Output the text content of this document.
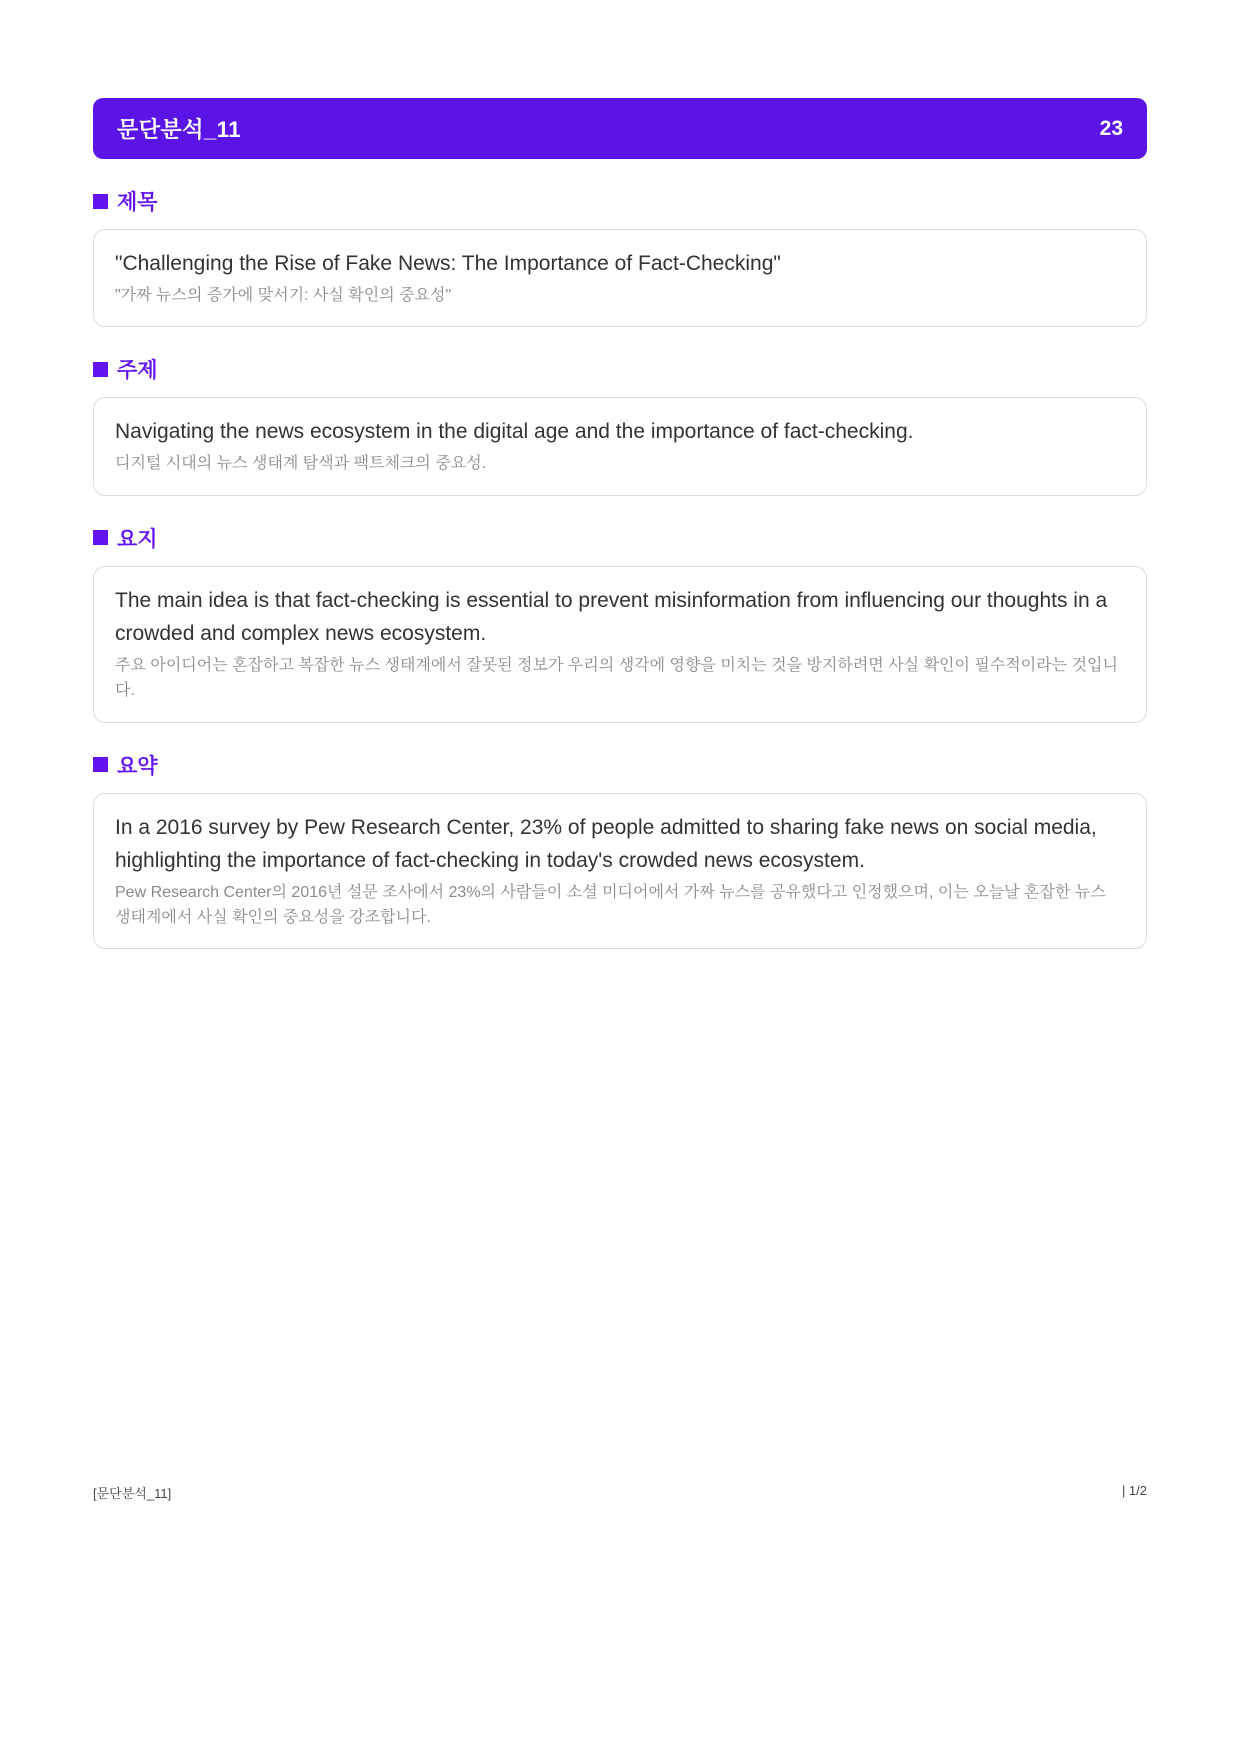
문단분석_11	23
제목
"Challenging the Rise of Fake News: The Importance of Fact-Checking"
"가짜 뉴스의 증가에 맞서기: 사실 확인의 중요성"
주제
Navigating the news ecosystem in the digital age and the importance of fact-checking.
디지털 시대의 뉴스 생태계 탐색과 팩트체크의 중요성.
요지
The main idea is that fact-checking is essential to prevent misinformation from influencing our thoughts in a crowded and complex news ecosystem.
주요 아이디어는 혼잡하고 복잡한 뉴스 생태계에서 잘못된 정보가 우리의 생각에 영향을 미치는 것을 방지하려면 사실 확인이 필수적이라는 것입니다.
요약
In a 2016 survey by Pew Research Center, 23% of people admitted to sharing fake news on social media, highlighting the importance of fact-checking in today's crowded news ecosystem.
Pew Research Center의 2016년 설문 조사에서 23%의 사람들이 소셜 미디어에서 가짜 뉴스를 공유했다고 인정했으며, 이는 오늘날 혼잡한 뉴스 생태계에서 사실 확인의 중요성을 강조합니다.
[문단분석_11]	| 1/2
